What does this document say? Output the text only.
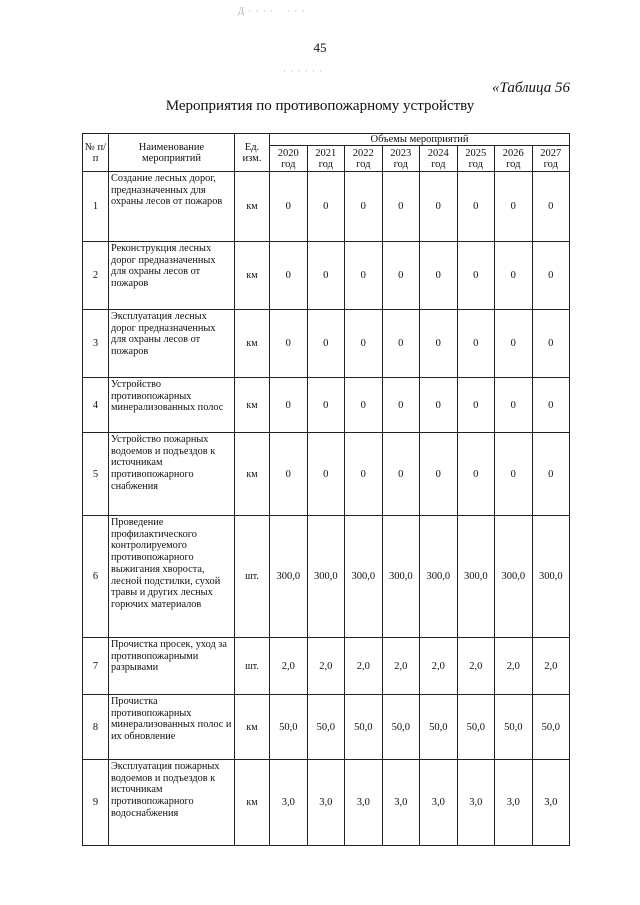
Д · · · ·    · · ·
· · · · · ·
45
«Таблица 56
Мероприятия по противопожарному устройству
№ п/п	Наименование мероприятий	Ед. изм.	Объемы мероприятий							
			2020 год	2021 год	2022 год	2023 год	2024 год	2025 год	2026 год	2027 год
1	Создание лесных дорог, предназначенных для охраны лесов от пожаров	км	0	0	0	0	0	0	0	0
2	Реконструкция лесных дорог предназначенных для охраны лесов от пожаров	км	0	0	0	0	0	0	0	0
3	Эксплуатация лесных дорог предназначенных для охраны лесов от пожаров	км	0	0	0	0	0	0	0	0
4	Устройство противопожарных минерализованных полос	км	0	0	0	0	0	0	0	0
5	Устройство пожарных водоемов и подъездов к источникам противопожарного снабжения	км	0	0	0	0	0	0	0	0
6	Проведение профилактического контролируемого противопожарного выжигания хвороста, лесной подстилки, сухой травы и других лесных горючих материалов	шт.	300,0	300,0	300,0	300,0	300,0	300,0	300,0	300,0
7	Прочистка просек, уход за противопожарными разрывами	шт.	2,0	2,0	2,0	2,0	2,0	2,0	2,0	2,0
8	Прочистка противопожарных минерализованных полос и их обновление	км	50,0	50,0	50,0	50,0	50,0	50,0	50,0	50,0
9	Эксплуатация пожарных водоемов и подъездов к источникам противопожарного водоснабжения	км	3,0	3,0	3,0	3,0	3,0	3,0	3,0	3,0
